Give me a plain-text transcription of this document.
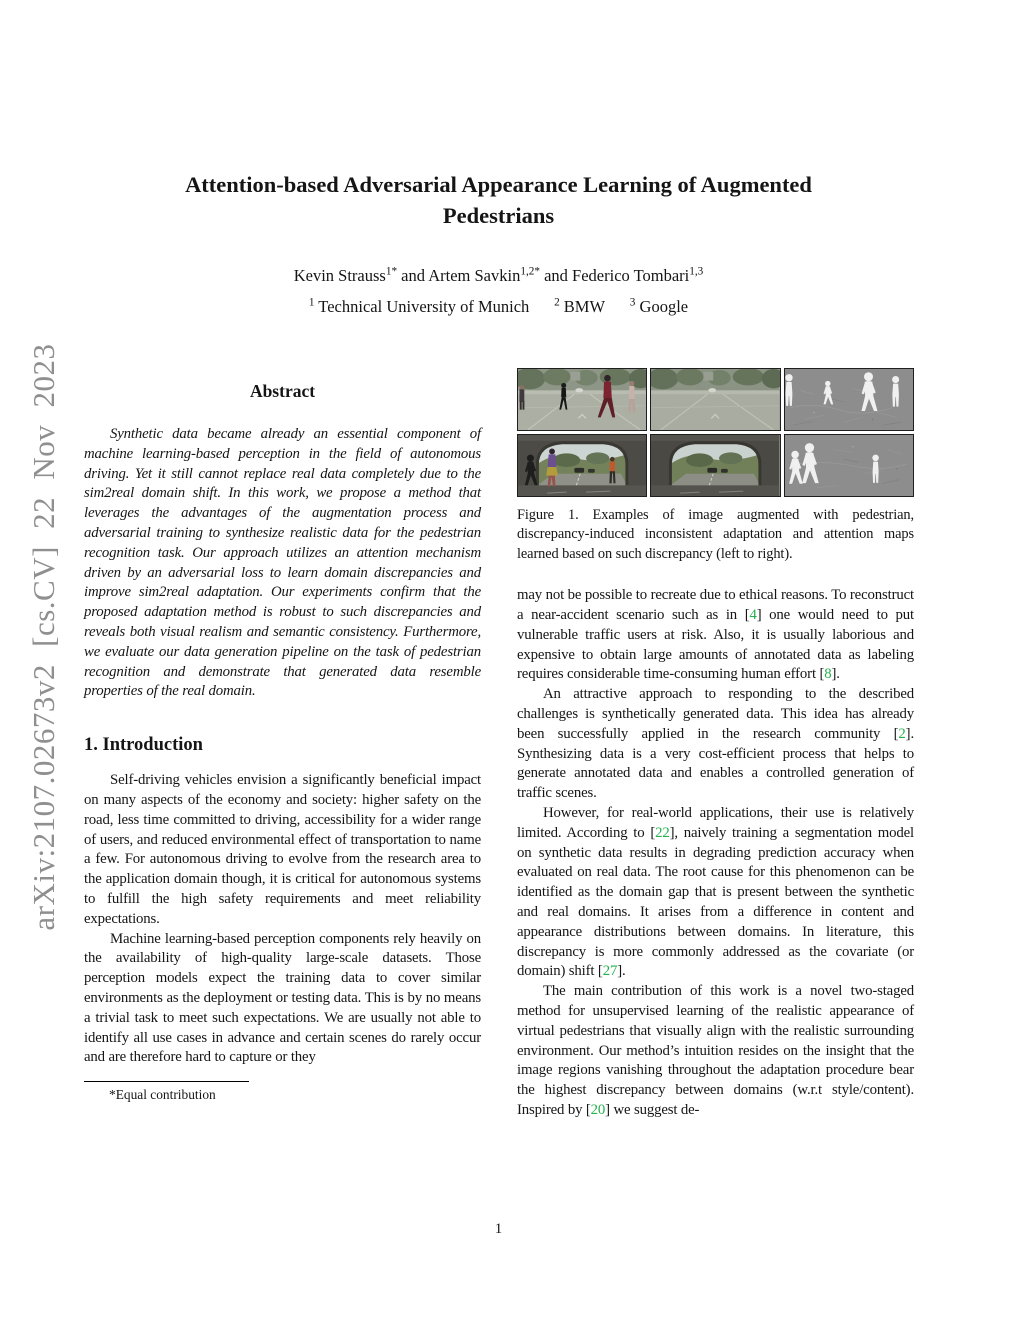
arXiv:2107.02673v2 [cs.CV] 22 Nov 2023
Attention-based Adversarial Appearance Learning of Augmented
Pedestrians
Kevin Strauss$^{1*}$ and Artem Savkin$^{1,2*}$ and Federico Tombari$^{1,3}$
$^1$ Technical University of Munich  $^2$ BMW  $^3$ Google
Abstract

Synthetic data became already an essential component of machine learning-based perception in the field of autonomous driving. Yet it still cannot replace real data completely due to the sim2real domain shift. In this work, we propose a method that leverages the advantages of the augmentation process and adversarial training to synthesize realistic data for the pedestrian recognition task. Our approach utilizes an attention mechanism driven by an adversarial loss to learn domain discrepancies and improve sim2real adaptation. Our experiments confirm that the proposed adaptation method is robust to such discrepancies and reveals both visual realism and semantic consistency. Furthermore, we evaluate our data generation pipeline on the task of pedestrian recognition and demonstrate that generated data resemble properties of the real domain.

1. Introduction

Self-driving vehicles envision a significantly beneficial impact on many aspects of the economy and society: higher safety on the road, less time committed to driving, accessibility for a wider range of users, and reduced environmental effect of transportation to name a few. For autonomous driving to evolve from the research area to the application domain though, it is critical for autonomous systems to fulfill the high safety requirements and meet reliability expectations.

Machine learning-based perception components rely heavily on the availability of high-quality large-scale datasets. Those perception models expect the training data to cover similar environments as the deployment or testing data. This is by no means a trivial task to meet such expectations. We are usually not able to identify all use cases in advance and certain scenes do rarely occur and are therefore hard to capture or they

*Equal contribution

Figure 1. Examples of image augmented with pedestrian, discrepancy-induced inconsistent adaptation and attention maps learned based on such discrepancy (left to right).

may not be possible to recreate due to ethical reasons. To reconstruct a near-accident scenario such as in [4] one would need to put vulnerable traffic users at risk. Also, it is usually laborious and expensive to obtain large amounts of annotated data as labeling requires considerable time-consuming human effort [8].

An attractive approach to responding to the described challenges is synthetically generated data. This idea has already been successfully applied in the research community [2]. Synthesizing data is a very cost-efficient process that helps to generate annotated data and enables a controlled generation of traffic scenes.

However, for real-world applications, their use is relatively limited. According to [22], naively training a segmentation model on synthetic data results in degrading prediction accuracy when evaluated on real data. The root cause for this phenomenon can be identified as the domain gap that is present between the synthetic and real domains. It arises from a difference in content and appearance distributions between domains. In literature, this discrepancy is more commonly addressed as the covariate (or domain) shift [27].

The main contribution of this work is a novel two-staged method for unsupervised learning of the realistic appearance of virtual pedestrians that visually align with the realistic surrounding environment. Our method’s intuition resides on the insight that the image regions vanishing throughout the adaptation procedure bear the highest discrepancy between domains (w.r.t style/content). Inspired by [20] we suggest de-

1
